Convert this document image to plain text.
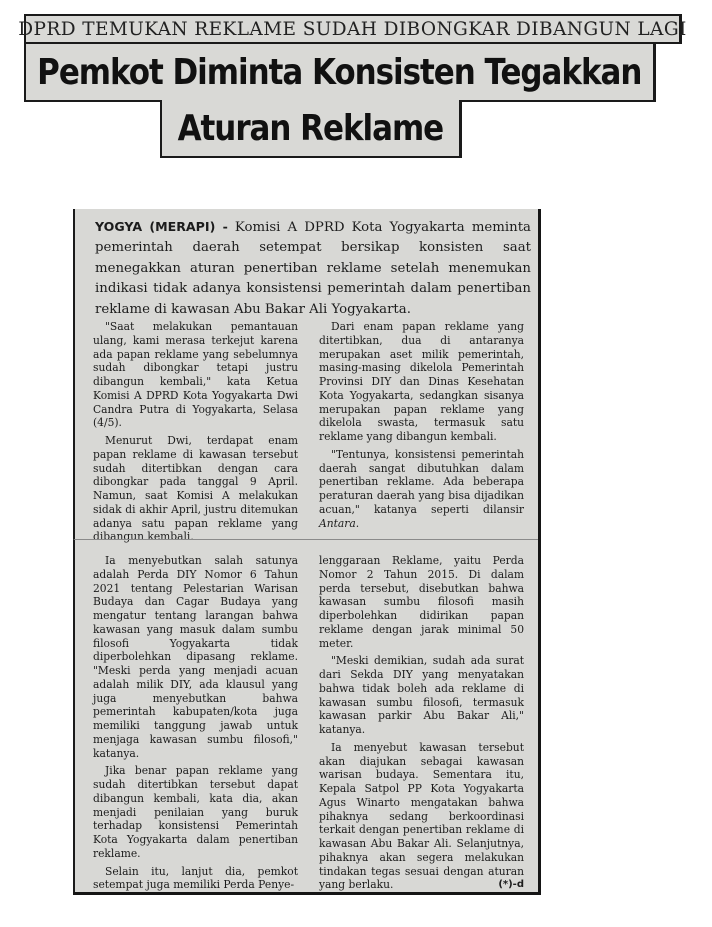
DPRD TEMUKAN REKLAME SUDAH DIBONGKAR DIBANGUN LAGI
Pemkot Diminta Konsisten Tegakkan
Aturan Reklame

YOGYA (MERAPI) - Komisi A DPRD Kota Yogyakarta meminta pemerintah daerah setempat bersikap konsisten saat menegakkan aturan penertiban reklame setelah menemukan indikasi tidak adanya konsistensi pemerintah dalam penertiban reklame di kawasan Abu Bakar Ali Yogyakarta.

"Saat melakukan pemantauan ulang, kami merasa terkejut karena ada papan reklame yang sebelumnya sudah dibongkar tetapi justru dibangun kembali," kata Ketua Komisi A DPRD Kota Yogyakarta Dwi Candra Putra di Yogyakarta, Selasa (4/5).

Menurut Dwi, terdapat enam papan reklame di kawasan tersebut sudah ditertibkan dengan cara dibongkar pada tanggal 9 April. Namun, saat Komisi A melakukan sidak di akhir April, justru ditemukan adanya satu papan reklame yang dibangun kembali.

Dari enam papan reklame yang ditertibkan, dua di antaranya merupakan aset milik pemerintah, masing-masing dikelola Pemerintah Provinsi DIY dan Dinas Kesehatan Kota Yogyakarta, sedangkan sisanya merupakan papan reklame yang dikelola swasta, termasuk satu reklame yang dibangun kembali.

"Tentunya, konsistensi pemerintah daerah sangat dibutuhkan dalam penertiban reklame. Ada beberapa peraturan daerah yang bisa dijadikan acuan," katanya seperti dilansir Antara.

Ia menyebutkan salah satunya adalah Perda DIY Nomor 6 Tahun 2021 tentang Pelestarian Warisan Budaya dan Cagar Budaya yang mengatur tentang larangan bahwa kawasan yang masuk dalam sumbu filosofi Yogyakarta tidak diperbolehkan dipasang reklame. "Meski perda yang menjadi acuan adalah milik DIY, ada klausul yang juga menyebutkan bahwa pemerintah kabupaten/kota juga memiliki tanggung jawab untuk menjaga kawasan sumbu filosofi," katanya.

Jika benar papan reklame yang sudah ditertibkan tersebut dapat dibangun kembali, kata dia, akan menjadi penilaian yang buruk terhadap konsistensi Pemerintah Kota Yogyakarta dalam penertiban reklame.

Selain itu, lanjut dia, pemkot setempat juga memiliki Perda Penye-

lenggaraan Reklame, yaitu Perda Nomor 2 Tahun 2015. Di dalam perda tersebut, disebutkan bahwa kawasan sumbu filosofi masih diperbolehkan didirikan papan reklame dengan jarak minimal 50 meter.

"Meski demikian, sudah ada surat dari Sekda DIY yang menyatakan bahwa tidak boleh ada reklame di kawasan sumbu filosofi, termasuk kawasan parkir Abu Bakar Ali," katanya.

Ia menyebut kawasan tersebut akan diajukan sebagai kawasan warisan budaya. Sementara itu, Kepala Satpol PP Kota Yogyakarta Agus Winarto mengatakan bahwa pihaknya sedang berkoordinasi terkait dengan penertiban reklame di kawasan Abu Bakar Ali. Selanjutnya, pihaknya akan segera melakukan tindakan tegas sesuai dengan aturan yang berlaku.	(*)-d
